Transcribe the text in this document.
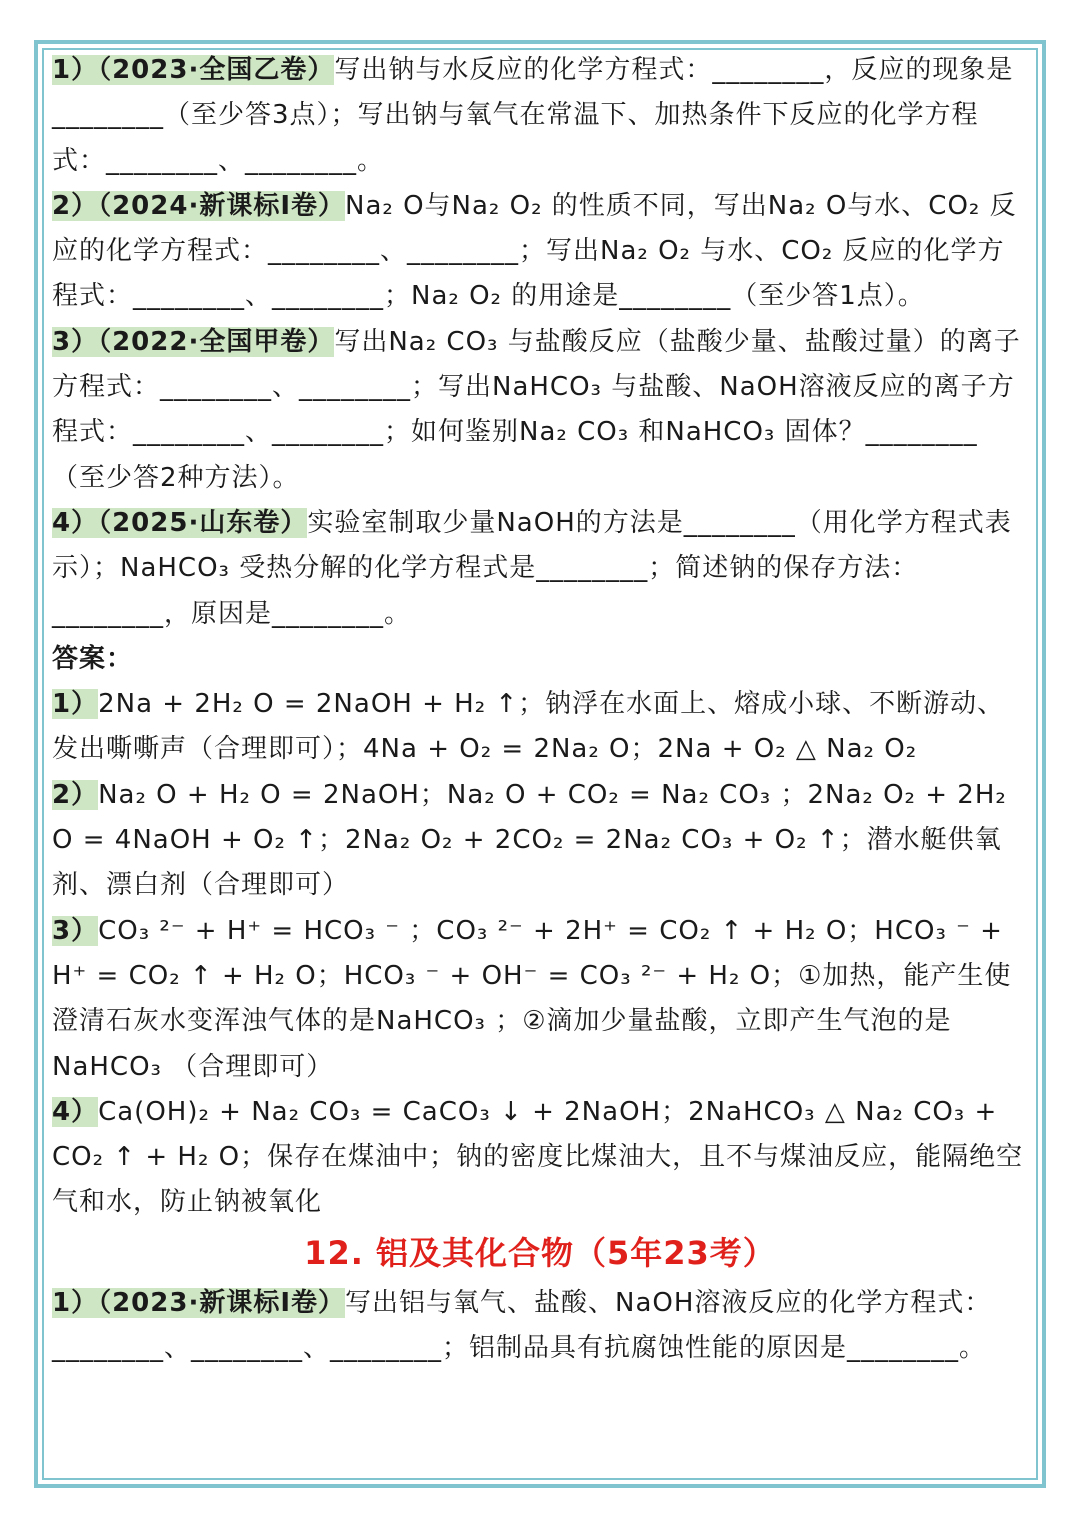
1）（2023·全国乙卷）写出钠与水反应的化学方程式：________，反应的现象是________（至少答3点）；写出钠与氧气在常温下、加热条件下反应的化学方程式：________、________。

2）（2024·新课标Ⅰ卷）Na₂ O与Na₂ O₂ 的性质不同，写出Na₂ O与水、CO₂ 反应的化学方程式：________、________；写出Na₂ O₂ 与水、CO₂ 反应的化学方程式：________、________；Na₂ O₂ 的用途是________（至少答1点）。

3）（2022·全国甲卷）写出Na₂ CO₃ 与盐酸反应（盐酸少量、盐酸过量）的离子方程式：________、________；写出NaHCO₃ 与盐酸、NaOH溶液反应的离子方程式：________、________；如何鉴别Na₂ CO₃ 和NaHCO₃ 固体？________（至少答2种方法）。

4）（2025·山东卷）实验室制取少量NaOH的方法是________（用化学方程式表示）；NaHCO₃ 受热分解的化学方程式是________；简述钠的保存方法：________，原因是________。

答案：

1）2Na + 2H₂ O = 2NaOH + H₂ ↑；钠浮在水面上、熔成小球、不断游动、发出嘶嘶声（合理即可）；4Na + O₂ = 2Na₂ O；2Na + O₂ △ Na₂ O₂

2）Na₂ O + H₂ O = 2NaOH；Na₂ O + CO₂ = Na₂ CO₃ ；2Na₂ O₂ + 2H₂ O = 4NaOH + O₂ ↑；2Na₂ O₂ + 2CO₂ = 2Na₂ CO₃ + O₂ ↑；潜水艇供氧剂、漂白剂（合理即可）

3）CO₃ ²⁻ + H⁺ = HCO₃ ⁻ ；CO₃ ²⁻ + 2H⁺ = CO₂ ↑ + H₂ O；HCO₃ ⁻ + H⁺ = CO₂ ↑ + H₂ O；HCO₃ ⁻ + OH⁻ = CO₃ ²⁻ + H₂ O；①加热，能产生使澄清石灰水变浑浊气体的是NaHCO₃ ；②滴加少量盐酸，立即产生气泡的是NaHCO₃ （合理即可）

4）Ca(OH)₂ + Na₂ CO₃ = CaCO₃ ↓ + 2NaOH；2NaHCO₃ △ Na₂ CO₃ + CO₂ ↑ + H₂ O；保存在煤油中；钠的密度比煤油大，且不与煤油反应，能隔绝空气和水，防止钠被氧化

12. 铝及其化合物（5年23考）

1）（2023·新课标Ⅰ卷）写出铝与氧气、盐酸、NaOH溶液反应的化学方程式：________、________、________；铝制品具有抗腐蚀性能的原因是________。
